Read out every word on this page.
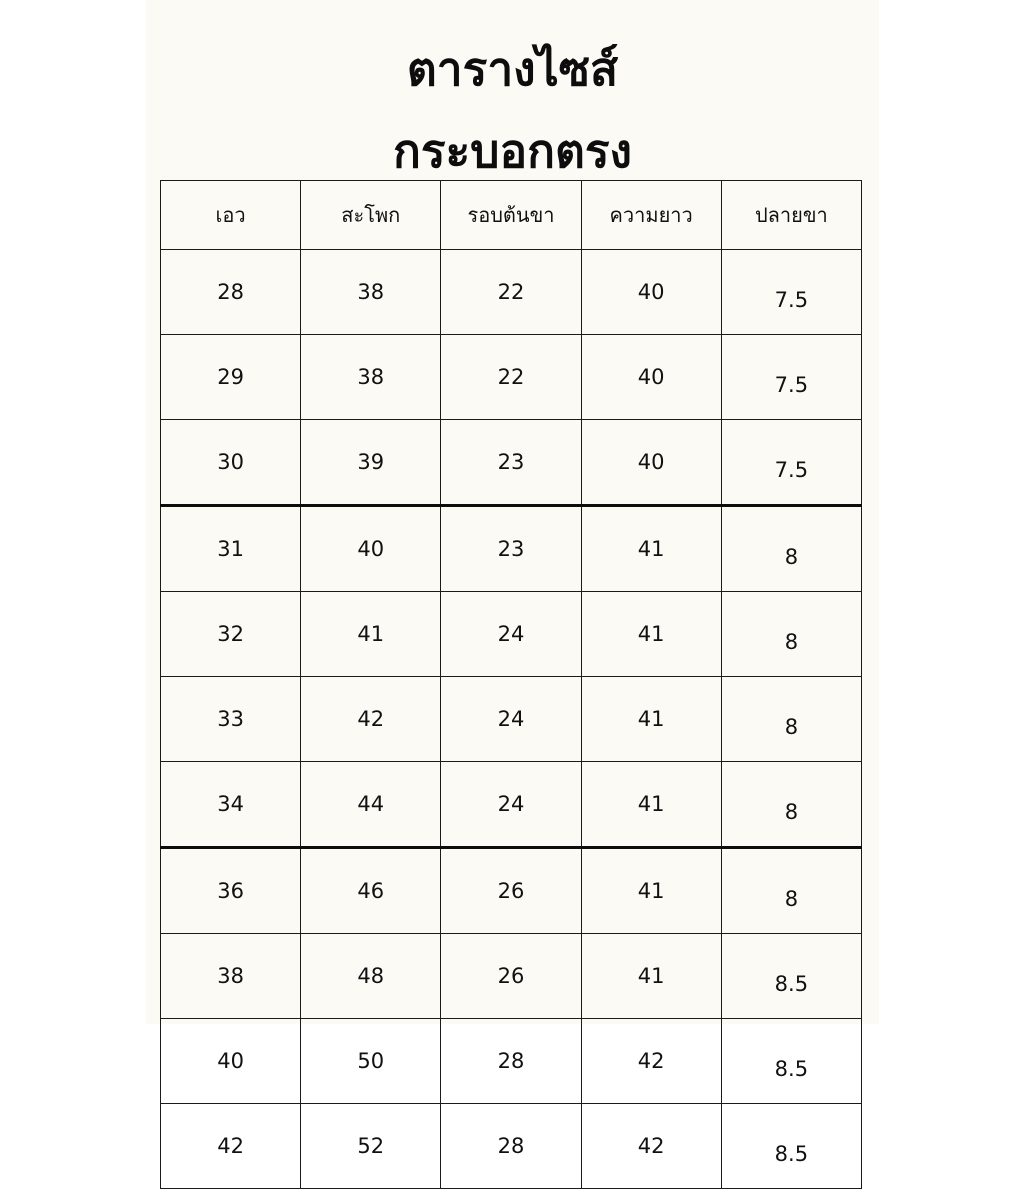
ตารางไซส์
กระบอกตรง
เอว	สะโพก	รอบต้นขา	ความยาว	ปลายขา
28	38	22	40	7.5
29	38	22	40	7.5
30	39	23	40	7.5
31	40	23	41	8
32	41	24	41	8
33	42	24	41	8
34	44	24	41	8
36	46	26	41	8
38	48	26	41	8.5
40	50	28	42	8.5
42	52	28	42	8.5
